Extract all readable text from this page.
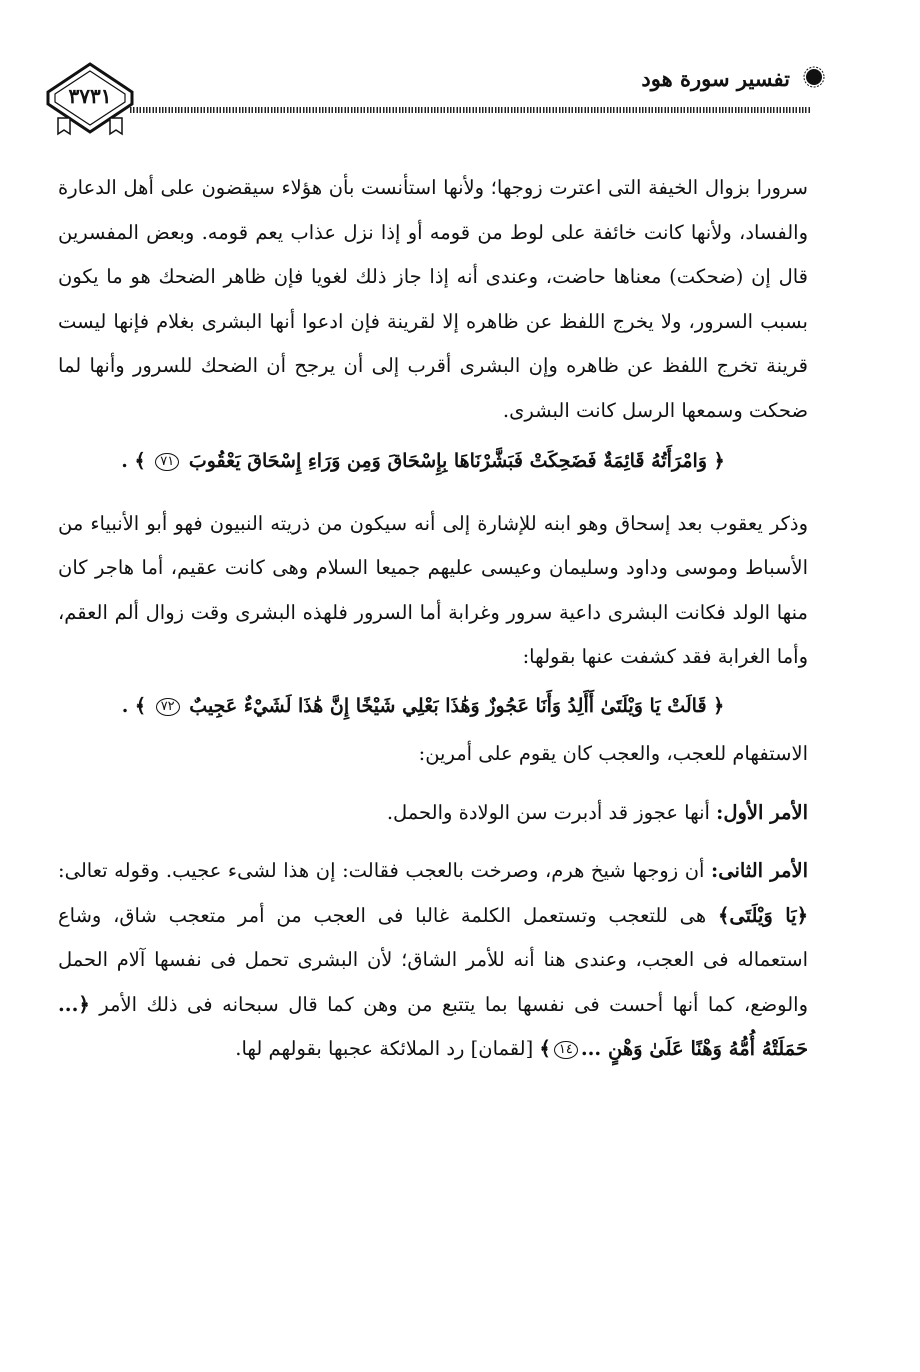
تفسير سورة هود
٣٧٣١

سرورا بزوال الخيفة التى اعترت زوجها؛ ولأنها استأنست بأن هؤلاء سيقضون على أهل الدعارة والفساد، ولأنها كانت خائفة على لوط من قومه أو إذا نزل عذاب يعم قومه. وبعض المفسرين قال إن (ضحكت) معناها حاضت، وعندى أنه إذا جاز ذلك لغويا فإن ظاهر الضحك هو ما يكون بسبب السرور، ولا يخرج اللفظ عن ظاهره إلا لقرينة فإن ادعوا أنها البشرى بغلام فإنها ليست قرينة تخرج اللفظ عن ظاهره وإن البشرى أقرب إلى أن يرجح أن الضحك للسرور وأنها لما ضحكت وسمعها الرسل كانت البشرى.

﴿ وَامْرَأَتُهُ قَائِمَةٌ فَضَحِكَتْ فَبَشَّرْنَاهَا بِإِسْحَاقَ وَمِن وَرَاءِ إِسْحَاقَ يَعْقُوبَ ٧١ ﴾ .

وذكر يعقوب بعد إسحاق وهو ابنه للإشارة إلى أنه سيكون من ذريته النبيون فهو أبو الأنبياء من الأسباط وموسى وداود وسليمان وعيسى عليهم جميعا السلام وهى كانت عقيم، أما هاجر كان منها الولد فكانت البشرى داعية سرور وغرابة أما السرور فلهذه البشرى وقت زوال ألم العقم، وأما الغرابة فقد كشفت عنها بقولها:

﴿ قَالَتْ يَا وَيْلَتَىٰ أَأَلِدُ وَأَنَا عَجُوزٌ وَهَٰذَا بَعْلِي شَيْخًا إِنَّ هَٰذَا لَشَيْءٌ عَجِيبٌ ٧٢ ﴾ .

الاستفهام للعجب، والعجب كان يقوم على أمرين:

الأمر الأول: أنها عجوز قد أدبرت سن الولادة والحمل.

الأمر الثانى: أن زوجها شيخ هرم، وصرخت بالعجب فقالت: إن هذا لشىء عجيب. وقوله تعالى: ﴿يَا وَيْلَتَى﴾ هى للتعجب وتستعمل الكلمة غالبا فى العجب من أمر متعجب شاق، وشاع استعماله فى العجب، وعندى هنا أنه للأمر الشاق؛ لأن البشرى تحمل فى نفسها آلام الحمل والوضع، كما أنها أحست فى نفسها بما يتتبع من وهن كما قال سبحانه فى ذلك الأمر ﴿... حَمَلَتْهُ أُمُّهُ وَهْنًا عَلَىٰ وَهْنٍ ...١٤﴾ [لقمان] رد الملائكة عجبها بقولهم لها.
